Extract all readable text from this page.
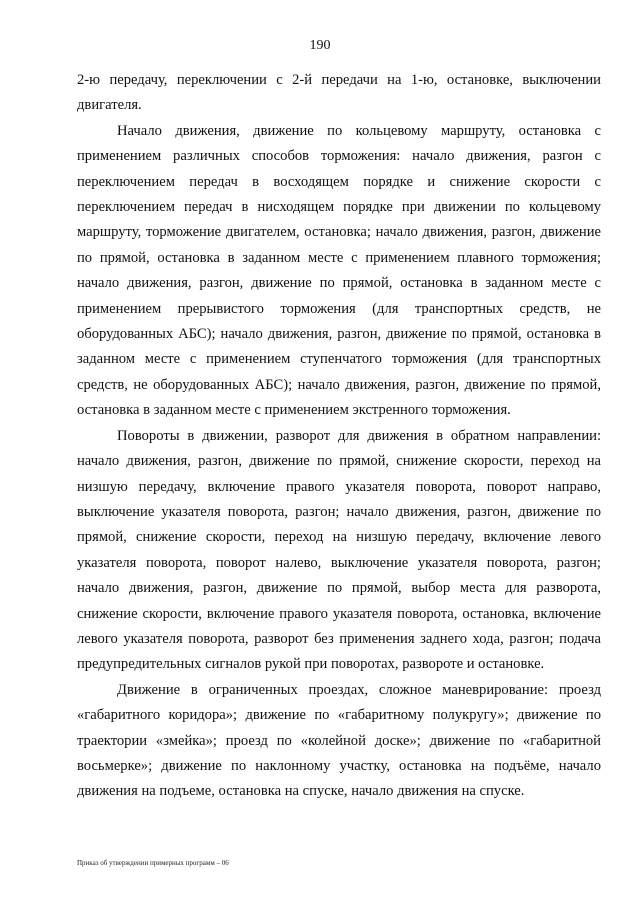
190

2-ю передачу, переключении с 2-й передачи на 1-ю, остановке, выключении двигателя.

Начало движения, движение по кольцевому маршруту, остановка с применением различных способов торможения: начало движения, разгон с переключением передач в восходящем порядке и снижение скорости с переключением передач в нисходящем порядке при движении по кольцевому маршруту, торможение двигателем, остановка; начало движения, разгон, движение по прямой, остановка в заданном месте с применением плавного торможения; начало движения, разгон, движение по прямой, остановка в заданном месте с применением прерывистого торможения (для транспортных средств, не оборудованных АБС); начало движения, разгон, движение по прямой, остановка в заданном месте с применением ступенчатого торможения (для транспортных средств, не оборудованных АБС); начало движения, разгон, движение по прямой, остановка в заданном месте с применением экстренного торможения.

Повороты в движении, разворот для движения в обратном направлении: начало движения, разгон, движение по прямой, снижение скорости, переход на низшую передачу, включение правого указателя поворота, поворот направо, выключение указателя поворота, разгон; начало движения, разгон, движение по прямой, снижение скорости, переход на низшую передачу, включение левого указателя поворота, поворот налево, выключение указателя поворота, разгон; начало движения, разгон, движение по прямой, выбор места для разворота, снижение скорости, включение правого указателя поворота, остановка, включение левого указателя поворота, разворот без применения заднего хода, разгон; подача предупредительных сигналов рукой при поворотах, развороте и остановке.

Движение в ограниченных проездах, сложное маневрирование: проезд «габаритного коридора»; движение по «габаритному полукругу»; движение по траектории «змейка»; проезд по «колейной доске»; движение по «габаритной восьмерке»; движение по наклонному участку, остановка на подъёме, начало движения на подъеме, остановка на спуске, начало движения на спуске.

Приказ об утверждении примерных программ – 06
